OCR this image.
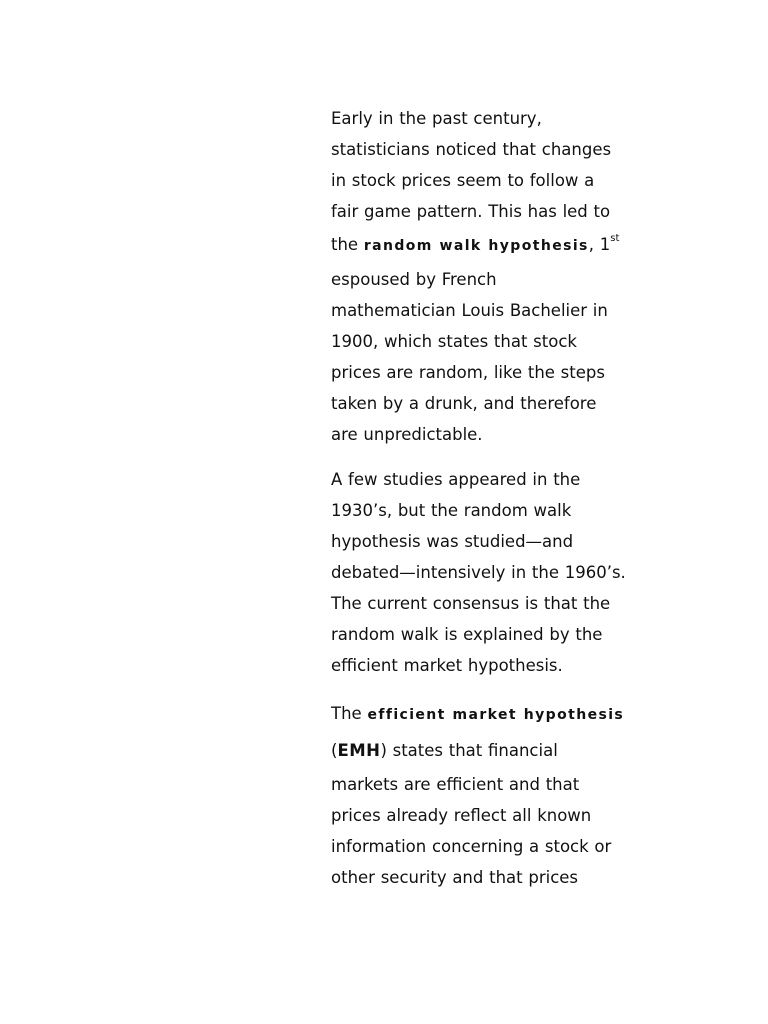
Early in the past century,
statisticians noticed that changes
in stock prices seem to follow a
fair game pattern. This has led to
the random walk hypothesis, 1st
espoused by French
mathematician Louis Bachelier in
1900, which states that stock
prices are random, like the steps
taken by a drunk, and therefore
are unpredictable.

A few studies appeared in the
1930’s, but the random walk
hypothesis was studied—and
debated—intensively in the 1960’s.
The current consensus is that the
random walk is explained by the
efficient market hypothesis.

The efficient market hypothesis
(EMH) states that financial
markets are efficient and that
prices already reflect all known
information concerning a stock or
other security and that prices
